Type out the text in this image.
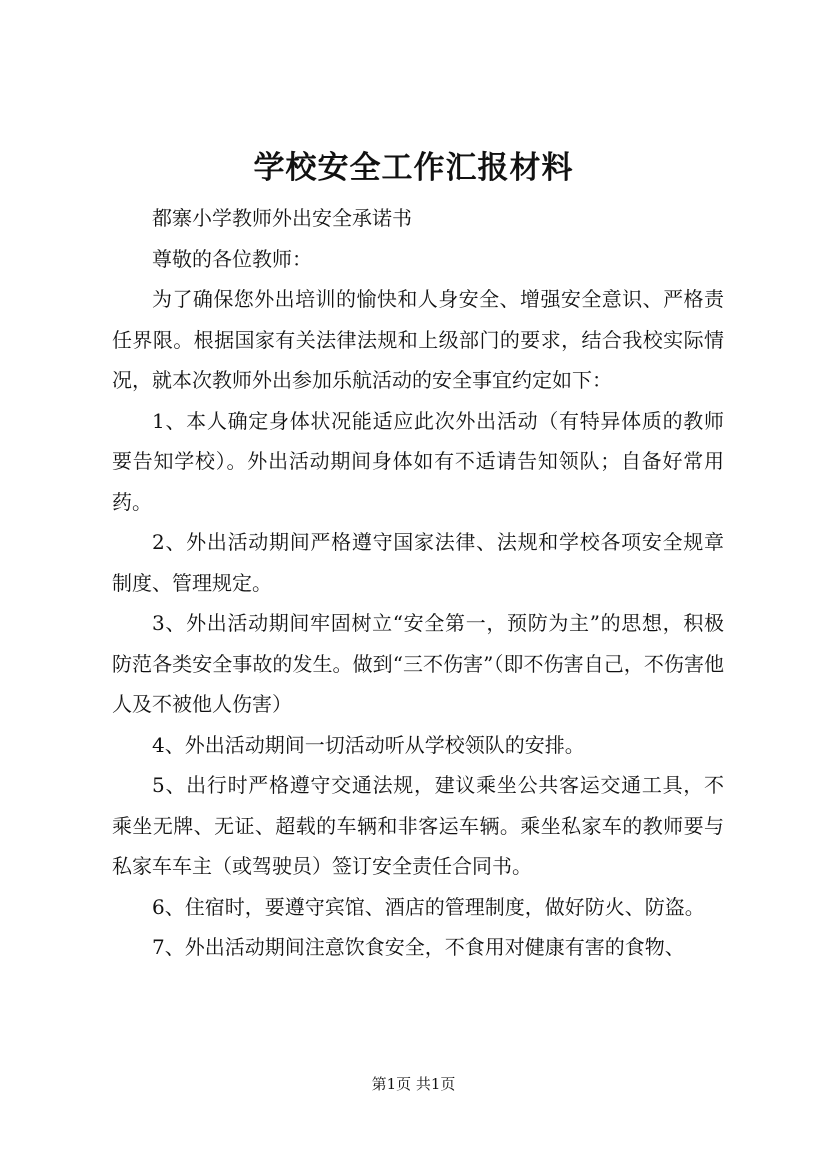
学校安全工作汇报材料

都寨小学教师外出安全承诺书

尊敬的各位教师：

为了确保您外出培训的愉快和人身安全、增强安全意识、严格责任界限。根据国家有关法律法规和上级部门的要求，结合我校实际情况，就本次教师外出参加乐航活动的安全事宜约定如下：

1、本人确定身体状况能适应此次外出活动（有特异体质的教师要告知学校）。外出活动期间身体如有不适请告知领队；自备好常用药。

2、外出活动期间严格遵守国家法律、法规和学校各项安全规章制度、管理规定。

3、外出活动期间牢固树立“安全第一，预防为主”的思想，积极防范各类安全事故的发生。做到“三不伤害”（即不伤害自己，不伤害他人及不被他人伤害）

4、外出活动期间一切活动听从学校领队的安排。

5、出行时严格遵守交通法规，建议乘坐公共客运交通工具，不乘坐无牌、无证、超载的车辆和非客运车辆。乘坐私家车的教师要与私家车车主（或驾驶员）签订安全责任合同书。

6、住宿时，要遵守宾馆、酒店的管理制度，做好防火、防盗。

7、外出活动期间注意饮食安全，不食用对健康有害的食物、

第1页 共1页
